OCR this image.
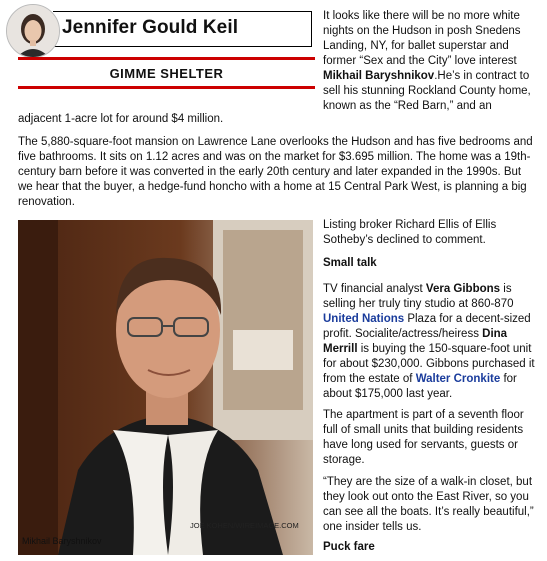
Jennifer Gould Keil
GIMME SHELTER

It looks like there will be no more white nights on the Hudson in posh Snedens Landing, NY, for ballet superstar and former “Sex and the City” love interest Mikhail Baryshnikov.He’s in contract to sell his stunning Rockland County home, known as the “Red Barn,” and an

adjacent 1-acre lot for around $4 million.

The 5,880-square-foot mansion on Lawrence Lane overlooks the Hudson and has five bedrooms and five bathrooms. It sits on 1.12 acres and was on the market for $3.695 million. The home was a 19th-century barn before it was converted in the early 20th century and later expanded in the 1990s. But we hear that the buyer, a hedge-fund honcho with a home at 15 Central Park West, is planning a big renovation.

JOE KOHEN/WIREIMAGE.COM
Mikhail Baryshnikov

Listing broker Richard Ellis of Ellis Sotheby’s declined to comment.

Small talk

TV financial analyst Vera Gibbons is selling her truly tiny studio at 860-870 United Nations Plaza for a decent-sized profit. Socialite/actress/heiress Dina Merrill is buying the 150-square-foot unit for about $230,000. Gibbons purchased it from the estate of Walter Cronkite for about $175,000 last year.

The apartment is part of a seventh floor full of small units that building residents have long used for servants, guests or storage.

“They are the size of a walk-in closet, but they look out onto the East River, so you can see all the boats. It’s really beautiful,” one insider tells us.

Puck fare
